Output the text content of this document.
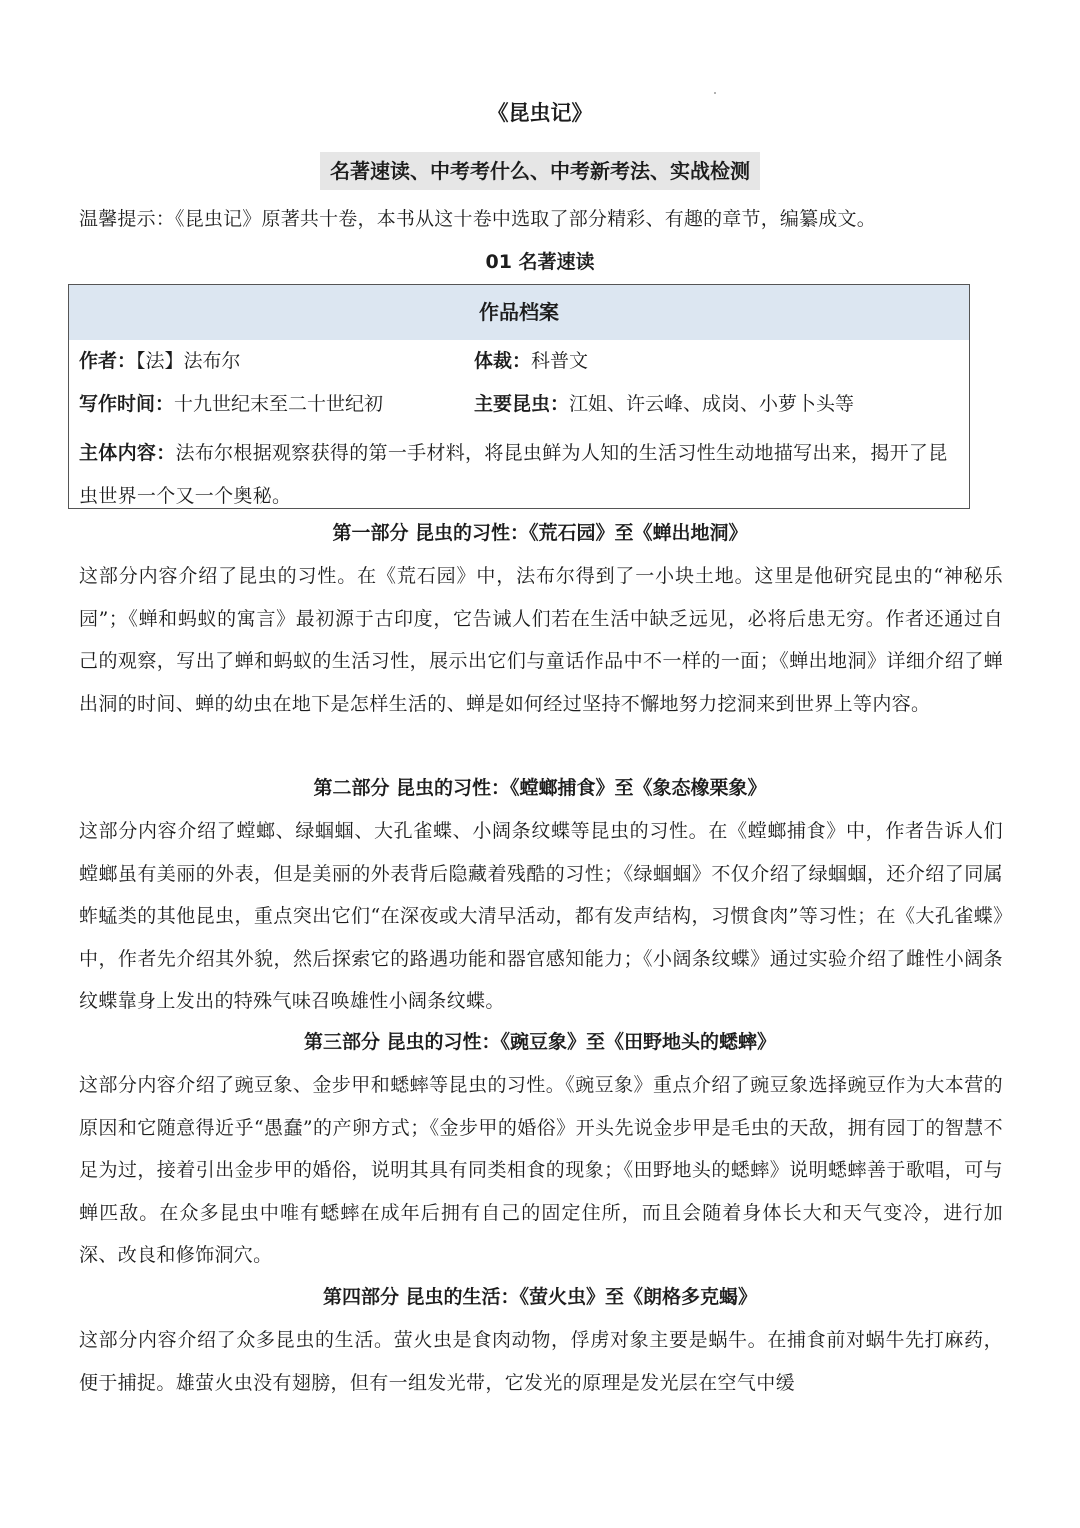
《昆虫记》
名著速读、中考考什么、中考新考法、实战检测
温馨提示：《昆虫记》原著共十卷，本书从这十卷中选取了部分精彩、有趣的章节，编纂成文。
01 名著速读
作品档案
作者：【法】法布尔	体裁：科普文
写作时间：十九世纪末至二十世纪初	主要昆虫：江姐、许云峰、成岗、小萝卜头等
主体内容：法布尔根据观察获得的第一手材料，将昆虫鲜为人知的生活习性生动地描写出来，揭开了昆虫世界一个又一个奥秘。
第一部分 昆虫的习性：《荒石园》至《蝉出地洞》

这部分内容介绍了昆虫的习性。在《荒石园》中，法布尔得到了一小块土地。这里是他研究昆虫的“神秘乐园”；《蝉和蚂蚁的寓言》最初源于古印度，它告诫人们若在生活中缺乏远见，必将后患无穷。作者还通过自己的观察，写出了蝉和蚂蚁的生活习性，展示出它们与童话作品中不一样的一面；《蝉出地洞》详细介绍了蝉出洞的时间、蝉的幼虫在地下是怎样生活的、蝉是如何经过坚持不懈地努力挖洞来到世界上等内容。

第二部分 昆虫的习性：《螳螂捕食》至《象态橡栗象》

这部分内容介绍了螳螂、绿蝈蝈、大孔雀蝶、小阔条纹蝶等昆虫的习性。在《螳螂捕食》中，作者告诉人们螳螂虽有美丽的外表，但是美丽的外表背后隐藏着残酷的习性；《绿蝈蝈》不仅介绍了绿蝈蝈，还介绍了同属蚱蜢类的其他昆虫，重点突出它们“在深夜或大清早活动，都有发声结构，习惯食肉”等习性；在《大孔雀蝶》中，作者先介绍其外貌，然后探索它的路遇功能和器官感知能力；《小阔条纹蝶》通过实验介绍了雌性小阔条纹蝶靠身上发出的特殊气味召唤雄性小阔条纹蝶。

第三部分 昆虫的习性：《豌豆象》至《田野地头的蟋蟀》

这部分内容介绍了豌豆象、金步甲和蟋蟀等昆虫的习性。《豌豆象》重点介绍了豌豆象选择豌豆作为大本营的原因和它随意得近乎“愚蠢”的产卵方式；《金步甲的婚俗》开头先说金步甲是毛虫的天敌，拥有园丁的智慧不足为过，接着引出金步甲的婚俗，说明其具有同类相食的现象；《田野地头的蟋蟀》说明蟋蟀善于歌唱，可与蝉匹敌。在众多昆虫中唯有蟋蟀在成年后拥有自己的固定住所，而且会随着身体长大和天气变冷，进行加深、改良和修饰洞穴。

第四部分 昆虫的生活：《萤火虫》至《朗格多克蝎》

这部分内容介绍了众多昆虫的生活。萤火虫是食肉动物，俘虏对象主要是蜗牛。在捕食前对蜗牛先打麻药，便于捕捉。雄萤火虫没有翅膀，但有一组发光带，它发光的原理是发光层在空气中缓
